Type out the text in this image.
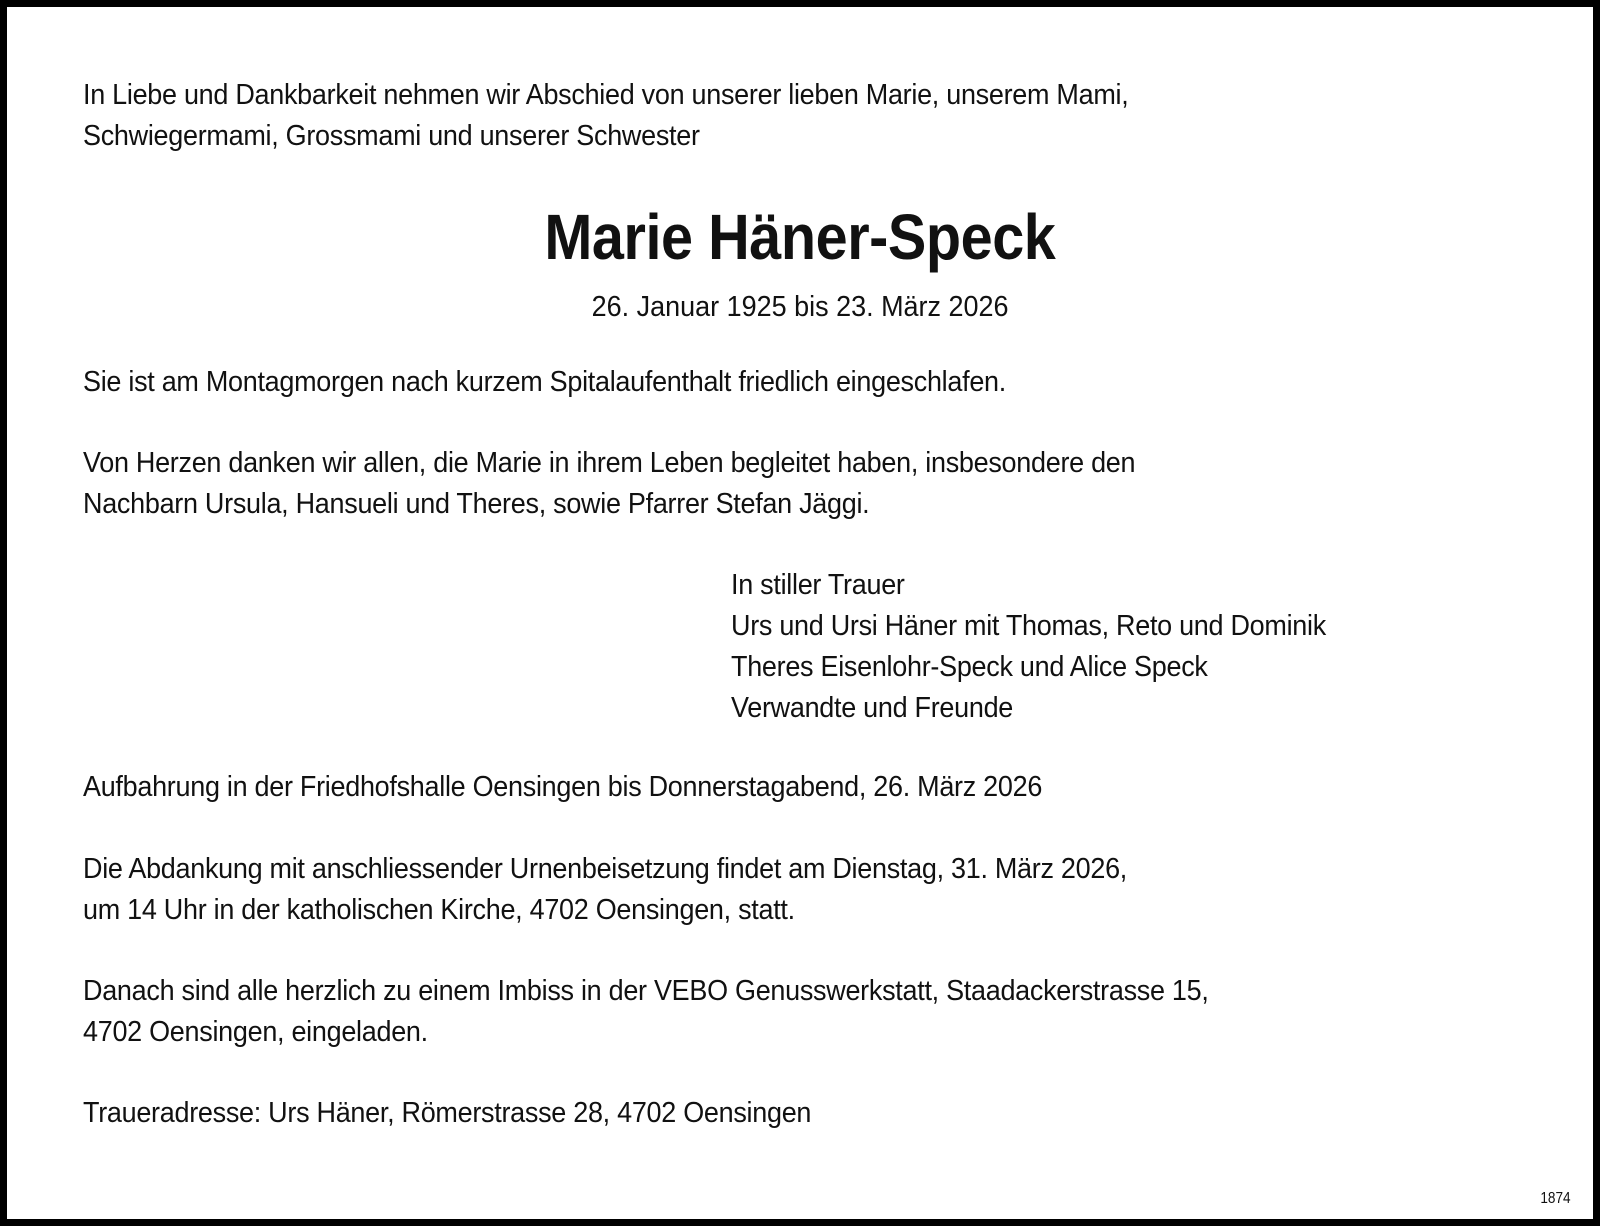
In Liebe und Dankbarkeit nehmen wir Abschied von unserer lieben Marie, unserem Mami,
Schwiegermami, Grossmami und unserer Schwester
Marie Häner-Speck
26. Januar 1925 bis 23. März 2026
Sie ist am Montagmorgen nach kurzem Spitalaufenthalt friedlich eingeschlafen.
Von Herzen danken wir allen, die Marie in ihrem Leben begleitet haben, insbesondere den
Nachbarn Ursula, Hansueli und Theres, sowie Pfarrer Stefan Jäggi.
In stiller Trauer
Urs und Ursi Häner mit Thomas, Reto und Dominik
Theres Eisenlohr-Speck und Alice Speck
Verwandte und Freunde
Aufbahrung in der Friedhofshalle Oensingen bis Donnerstagabend, 26. März 2026
Die Abdankung mit anschliessender Urnenbeisetzung findet am Dienstag, 31. März 2026,
um 14 Uhr in der katholischen Kirche, 4702 Oensingen, statt.
Danach sind alle herzlich zu einem Imbiss in der VEBO Genusswerkstatt, Staadackerstrasse 15,
4702 Oensingen, eingeladen.
Traueradresse: Urs Häner, Römerstrasse 28, 4702 Oensingen
1874
